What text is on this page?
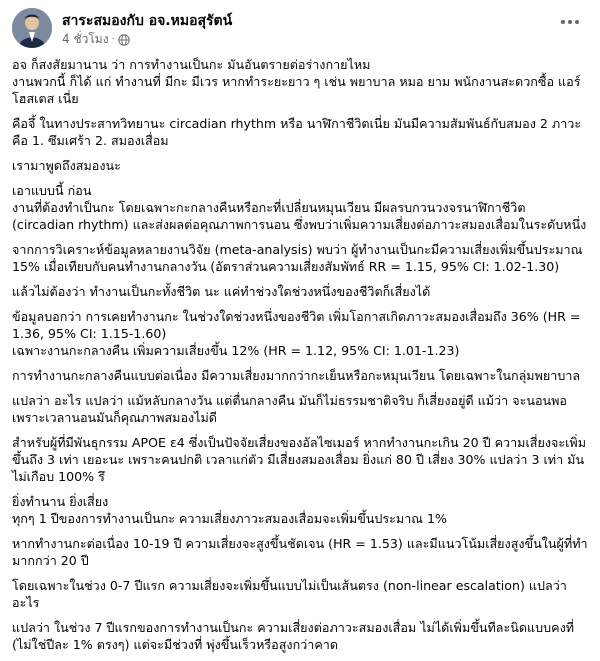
สาระสมองกับ อจ.หมอสุรัตน์
4 ชั่วโมง ·
อจ ก็สงสัยมานาน ว่า การทำงานเป็นกะ มันอันตรายต่อร่างกายไหม
งานพวกนี้ ก็ได้ แก่ ทำงานที่ มีกะ มีเวร หากทำระยะยาว ๆ เช่น พยาบาล หมอ ยาม พนักงานสะดวกซื้อ แอร์โฮสเตส เนี่ย
คือจึ้ ในทางประสาทวิทยานะ circadian rhythm หรือ นาฬิกาชีวิตเนี่ย มันมีความสัมพันธ์กับสมอง 2 ภาวะ คือ 1. ซึมเศร้า 2. สมองเสื่อม
เรามาพูดถึงสมองนะ
เอาแบบนี้ ก่อน
งานที่ต้องทำเป็นกะ โดยเฉพาะกะกลางคืนหรือกะที่เปลี่ยนหมุนเวียน มีผลรบกวนวงจรนาฬิกาชีวิต (circadian rhythm) และส่งผลต่อคุณภาพการนอน ซึ่งพบว่าเพิ่มความเสี่ยงต่อภาวะสมองเสื่อมในระดับหนึ่ง
จากการวิเคราะห์ข้อมูลหลายงานวิจัย (meta-analysis) พบว่า ผู้ทำงานเป็นกะมีความเสี่ยงเพิ่มขึ้นประมาณ 15% เมื่อเทียบกับคนทำงานกลางวัน (อัตราส่วนความเสี่ยงสัมพัทธ์ RR = 1.15, 95% CI: 1.02-1.30)
แล้วไม่ต้องว่า ทำงานเป็นกะทั้งชีวิต นะ แค่ทำช่วงใดช่วงหนึ่งของชีวิตก็เสี่ยงได้
ข้อมูลบอกว่า การเคยทำงานกะ ในช่วงใดช่วงหนึ่งของชีวิต เพิ่มโอกาสเกิดภาวะสมองเสื่อมถึง 36% (HR = 1.36, 95% CI: 1.15-1.60)
เฉพาะงานกะกลางคืน เพิ่มความเสี่ยงขึ้น 12% (HR = 1.12, 95% CI: 1.01-1.23)
การทำงานกะกลางคืนแบบต่อเนื่อง มีความเสี่ยงมากกว่ากะเย็นหรือกะหมุนเวียน โดยเฉพาะในกลุ่มพยาบาล
แปลว่า อะไร แปลว่า แม้หลับกลางวัน แต่ตื่นกลางคืน มันก็ไม่ธรรมชาติจริบ ก็เสี่ยงอยู่ดี แม้ว่า จะนอนพอ เพราะเวลานอนมันก็คุณภาพสมองไม่ดี
สำหรับผู้ที่มีพันธุกรรม APOE ε4 ซึ่งเป็นปัจจัยเสี่ยงของอัลไซเมอร์ หากทำงานกะเกิน 20 ปี ความเสี่ยงจะเพิ่มขึ้นถึง 3 เท่า เยอะนะ เพราะคนปกติ เวลาแก่ตัว มีเสี่ยงสมองเสื่อม ยิ่งแก่ 80 ปี เสี่ยง 30% แปลว่า 3 เท่า มันไม่เกือบ 100% รึ
ยิ่งทำนาน ยิ่งเสี่ยง
ทุกๆ 1 ปีของการทำงานเป็นกะ ความเสี่ยงภาวะสมองเสื่อมจะเพิ่มขึ้นประมาณ 1%
หากทำงานกะต่อเนื่อง 10-19 ปี ความเสี่ยงจะสูงขึ้นชัดเจน (HR = 1.53) และมีแนวโน้มเสี่ยงสูงขึ้นในผู้ที่ทำมากกว่า 20 ปี
โดยเฉพาะในช่วง 0-7 ปีแรก ความเสี่ยงจะเพิ่มขึ้นแบบไม่เป็นเส้นตรง (non-linear escalation) แปลว่า อะไร
แปลว่า ในช่วง 7 ปีแรกของการทำงานเป็นกะ ความเสี่ยงต่อภาวะสมองเสื่อม ไม่ได้เพิ่มขึ้นทีละนิดแบบคงที่ (ไม่ใช่ปีละ 1% ตรงๆ) แต่จะมีช่วงที่ พุ่งขึ้นเร็วหรือสูงกว่าคาด
